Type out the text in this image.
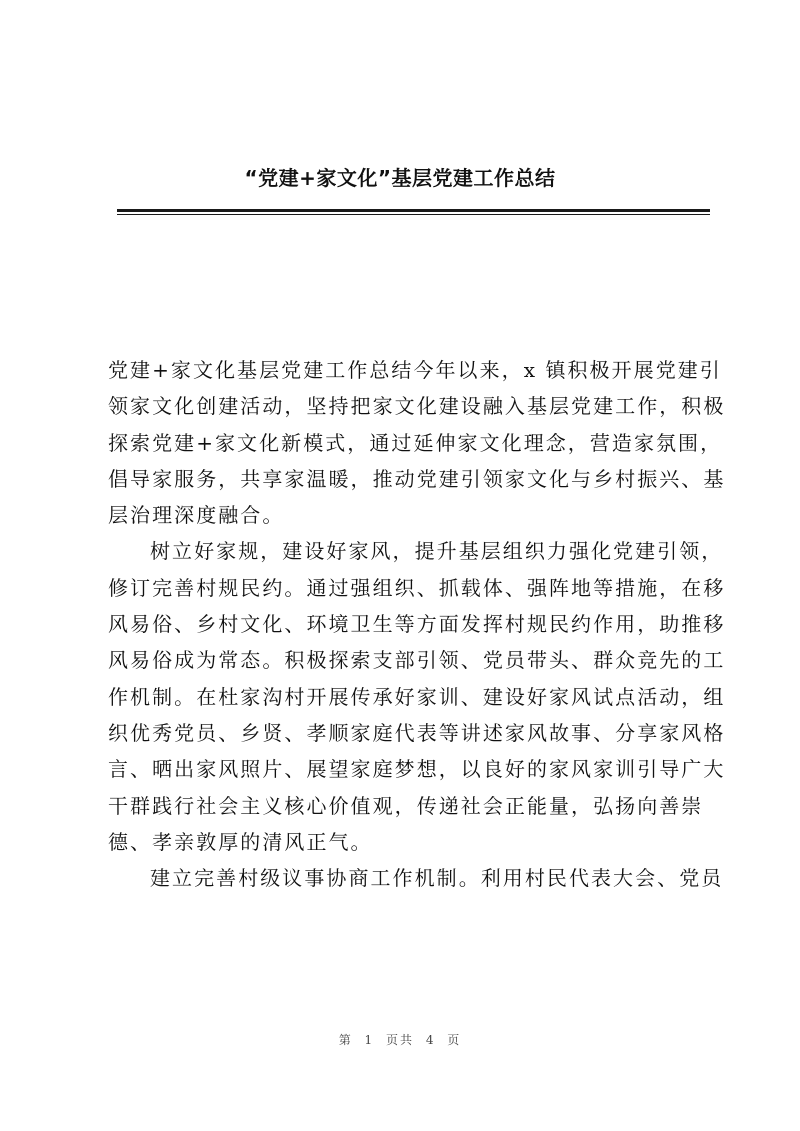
“党建+家文化”基层党建工作总结

党建+家文化基层党建工作总结今年以来，x 镇积极开展党建引
领家文化创建活动，坚持把家文化建设融入基层党建工作，积极
探索党建+家文化新模式，通过延伸家文化理念，营造家氛围，
倡导家服务，共享家温暖，推动党建引领家文化与乡村振兴、基
层治理深度融合。

树立好家规，建设好家风，提升基层组织力强化党建引领，
修订完善村规民约。通过强组织、抓载体、强阵地等措施，在移
风易俗、乡村文化、环境卫生等方面发挥村规民约作用，助推移
风易俗成为常态。积极探索支部引领、党员带头、群众竞先的工
作机制。在杜家沟村开展传承好家训、建设好家风试点活动，组
织优秀党员、乡贤、孝顺家庭代表等讲述家风故事、分享家风格
言、晒出家风照片、展望家庭梦想，以良好的家风家训引导广大
干群践行社会主义核心价值观，传递社会正能量，弘扬向善崇
德、孝亲敦厚的清风正气。

建立完善村级议事协商工作机制。利用村民代表大会、党员

第 1 页共 4 页
